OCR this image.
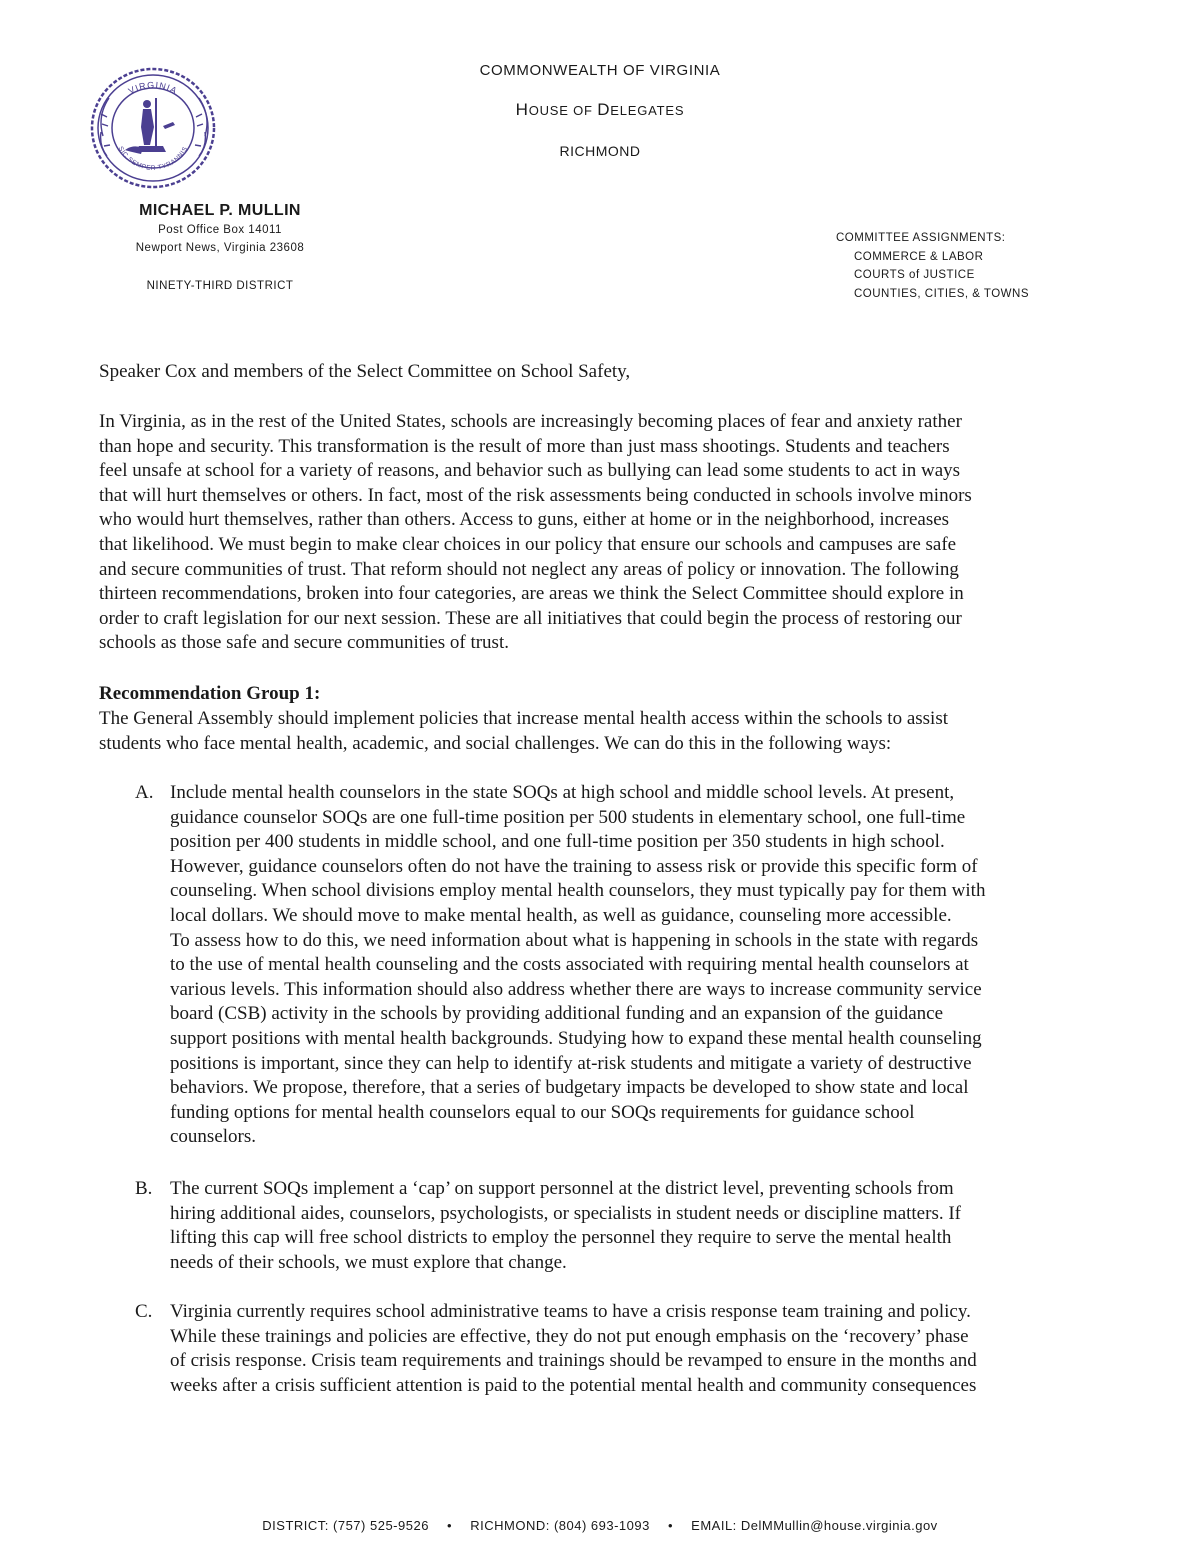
VIRGINIA
SIC SEMPER TYRANNIS
COMMONWEALTH OF VIRGINIA
HOUSE OF DELEGATES
RICHMOND
MICHAEL P. MULLIN
Post Office Box 14011
Newport News, Virginia 23608
NINETY-THIRD DISTRICT
COMMITTEE ASSIGNMENTS:
COMMERCE & LABOR
COURTS of JUSTICE
COUNTIES, CITIES, & TOWNS
Speaker Cox and members of the Select Committee on School Safety,
In Virginia, as in the rest of the United States, schools are increasingly becoming places of fear and anxiety rather
than hope and security. This transformation is the result of more than just mass shootings. Students and teachers
feel unsafe at school for a variety of reasons, and behavior such as bullying can lead some students to act in ways
that will hurt themselves or others. In fact, most of the risk assessments being conducted in schools involve minors
who would hurt themselves, rather than others. Access to guns, either at home or in the neighborhood, increases
that likelihood. We must begin to make clear choices in our policy that ensure our schools and campuses are safe
and secure communities of trust. That reform should not neglect any areas of policy or innovation. The following
thirteen recommendations, broken into four categories, are areas we think the Select Committee should explore in
order to craft legislation for our next session. These are all initiatives that could begin the process of restoring our
schools as those safe and secure communities of trust.
Recommendation Group 1:
The General Assembly should implement policies that increase mental health access within the schools to assist
students who face mental health, academic, and social challenges. We can do this in the following ways:
A. Include mental health counselors in the state SOQs at high school and middle school levels. At present,
guidance counselor SOQs are one full-time position per 500 students in elementary school, one full-time
position per 400 students in middle school, and one full-time position per 350 students in high school.
However, guidance counselors often do not have the training to assess risk or provide this specific form of
counseling. When school divisions employ mental health counselors, they must typically pay for them with
local dollars. We should move to make mental health, as well as guidance, counseling more accessible.
To assess how to do this, we need information about what is happening in schools in the state with regards
to the use of mental health counseling and the costs associated with requiring mental health counselors at
various levels. This information should also address whether there are ways to increase community service
board (CSB) activity in the schools by providing additional funding and an expansion of the guidance
support positions with mental health backgrounds. Studying how to expand these mental health counseling
positions is important, since they can help to identify at-risk students and mitigate a variety of destructive
behaviors. We propose, therefore, that a series of budgetary impacts be developed to show state and local
funding options for mental health counselors equal to our SOQs requirements for guidance school
counselors.
B. The current SOQs implement a ‘cap’ on support personnel at the district level, preventing schools from
hiring additional aides, counselors, psychologists, or specialists in student needs or discipline matters. If
lifting this cap will free school districts to employ the personnel they require to serve the mental health
needs of their schools, we must explore that change.
C. Virginia currently requires school administrative teams to have a crisis response team training and policy.
While these trainings and policies are effective, they do not put enough emphasis on the ‘recovery’ phase
of crisis response. Crisis team requirements and trainings should be revamped to ensure in the months and
weeks after a crisis sufficient attention is paid to the potential mental health and community consequences
DISTRICT: (757) 525-9526 • RICHMOND: (804) 693-1093 • EMAIL: DelMMullin@house.virginia.gov
